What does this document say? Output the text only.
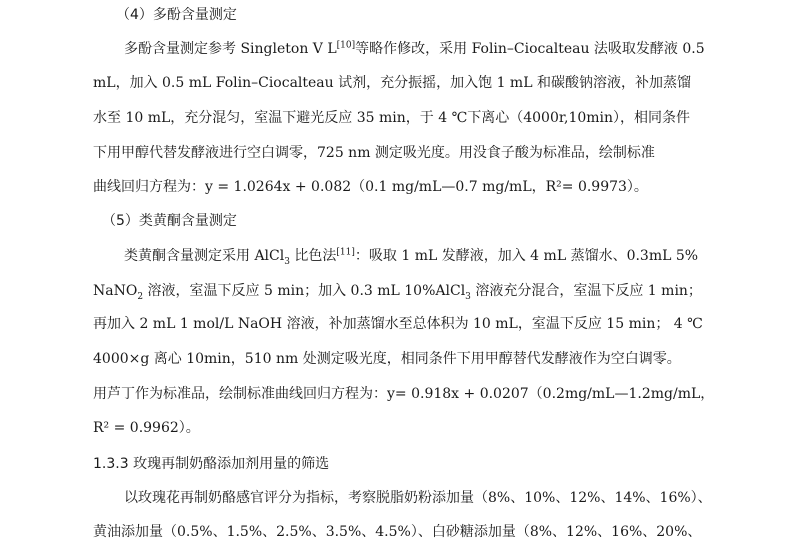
（4）多酚含量测定
多酚含量测定参考 Singleton V L[10]等略作修改，采用 Folin–Ciocalteau 法吸取发酵液 0.5
mL，加入 0.5 mL Folin–Ciocalteau 试剂，充分振摇，加入饱 1 mL 和碳酸钠溶液，补加蒸馏
水至 10 mL，充分混匀，室温下避光反应 35 min，于 4 ℃下离心（4000r,10min），相同条件
下用甲醇代替发酵液进行空白调零，725 nm 测定吸光度。用没食子酸为标准品，绘制标准
曲线回归方程为：y = 1.0264x + 0.082（0.1 mg/mL—0.7 mg/mL，R²= 0.9973）。
（5）类黄酮含量测定
类黄酮含量测定采用 AlCl$_3$ 比色法[11]：吸取 1 mL 发酵液，加入 4 mL 蒸馏水、0.3mL 5%
NaNO$_2$ 溶液，室温下反应 5 min；加入 0.3 mL 10%AlCl$_3$ 溶液充分混合，室温下反应 1 min；
再加入 2 mL 1 mol/L NaOH 溶液，补加蒸馏水至总体积为 10 mL，室温下反应 15 min； 4 ℃
4000×g 离心 10min，510 nm 处测定吸光度，相同条件下用甲醇替代发酵液作为空白调零。
用芦丁作为标准品，绘制标准曲线回归方程为：y= 0.918x + 0.0207（0.2mg/mL—1.2mg/mL，
R² = 0.9962）。
1.3.3 玫瑰再制奶酪添加剂用量的筛选
以玫瑰花再制奶酪感官评分为指标，考察脱脂奶粉添加量（8%、10%、12%、14%、16%）、
黄油添加量（0.5%、1.5%、2.5%、3.5%、4.5%）、白砂糖添加量（8%、12%、16%、20%、
